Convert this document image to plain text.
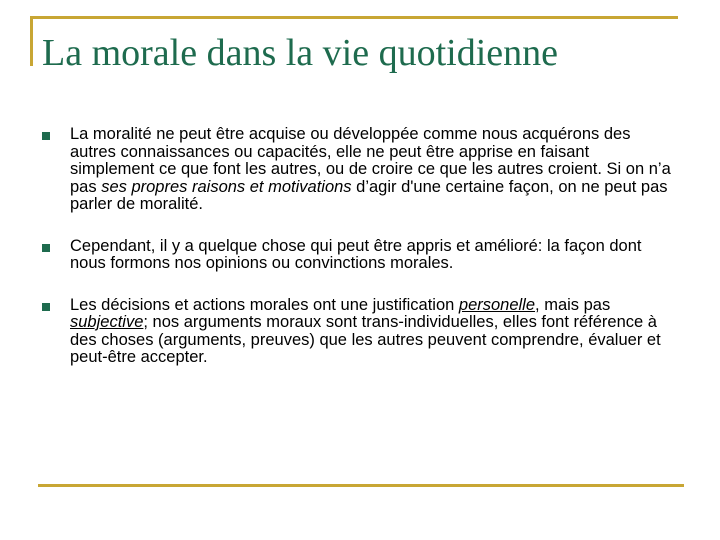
La morale dans la vie quotidienne
La moralité ne peut être acquise ou développée comme nous acquérons des autres connaissances ou capacités, elle ne peut être apprise en faisant simplement ce que font les autres, ou de croire ce que les autres croient. Si on n’a pas ses propres raisons et motivations d’agir d'une certaine façon, on ne peut pas parler de moralité.
Cependant, il y a quelque chose qui peut être appris et amélioré: la façon dont nous formons nos opinions ou convinctions morales.
Les décisions et actions morales ont une justification personelle, mais pas subjective; nos arguments moraux sont trans-individuelles, elles font référence à des choses (arguments, preuves) que les autres peuvent comprendre, évaluer et peut-être accepter.
